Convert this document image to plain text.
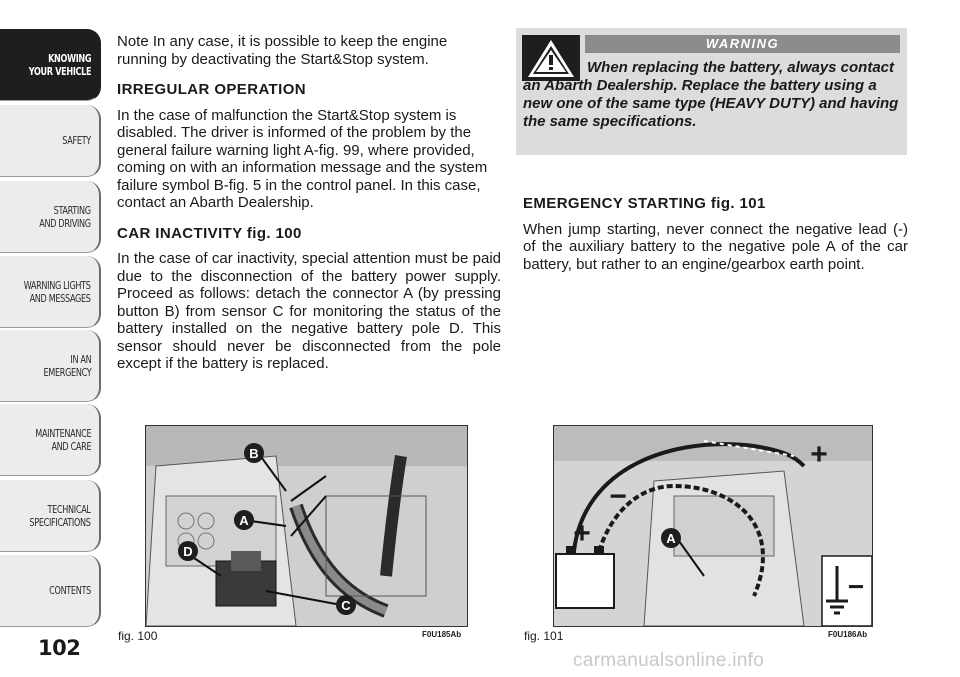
KNOWING
YOUR VEHICLE
SAFETY
STARTING
AND DRIVING
WARNING LIGHTS
AND MESSAGES
IN AN
EMERGENCY
MAINTENANCE
AND CARE
TECHNICAL
SPECIFICATIONS
CONTENTS
102

Note In any case, it is possible to keep the engine running by deactivating the Start&Stop system.

IRREGULAR OPERATION

In the case of malfunction the Start&Stop system is disabled. The driver is informed of the problem by the general failure warning light A-fig. 99, where provided, coming on with an information message and the system failure symbol B-fig. 5 in the control panel. In this case, contact an Abarth Dealership.

CAR INACTIVITY fig. 100

In the case of car inactivity, special attention must be paid due to the disconnection of the battery power supply. Proceed as follows: detach the connector A (by pressing button B) from sensor C for monitoring the status of the battery installed on the negative battery pole D. This sensor should never be disconnected from the pole except if the battery is replaced.

WARNING
When replacing the battery, always contact an Abarth Dealership. Replace the battery using a new one of the same type (HEAVY DUTY) and having the same specifications.

EMERGENCY STARTING fig. 101

When jump starting, never connect the negative lead (-) of the auxiliary battery to the negative pole A of the car battery, but rather to an engine/gearbox earth point.

B
A
D
C
fig. 100	F0U185Ab
A
+
−
+
−
fig. 101	F0U186Ab
carmanualsonline.info
